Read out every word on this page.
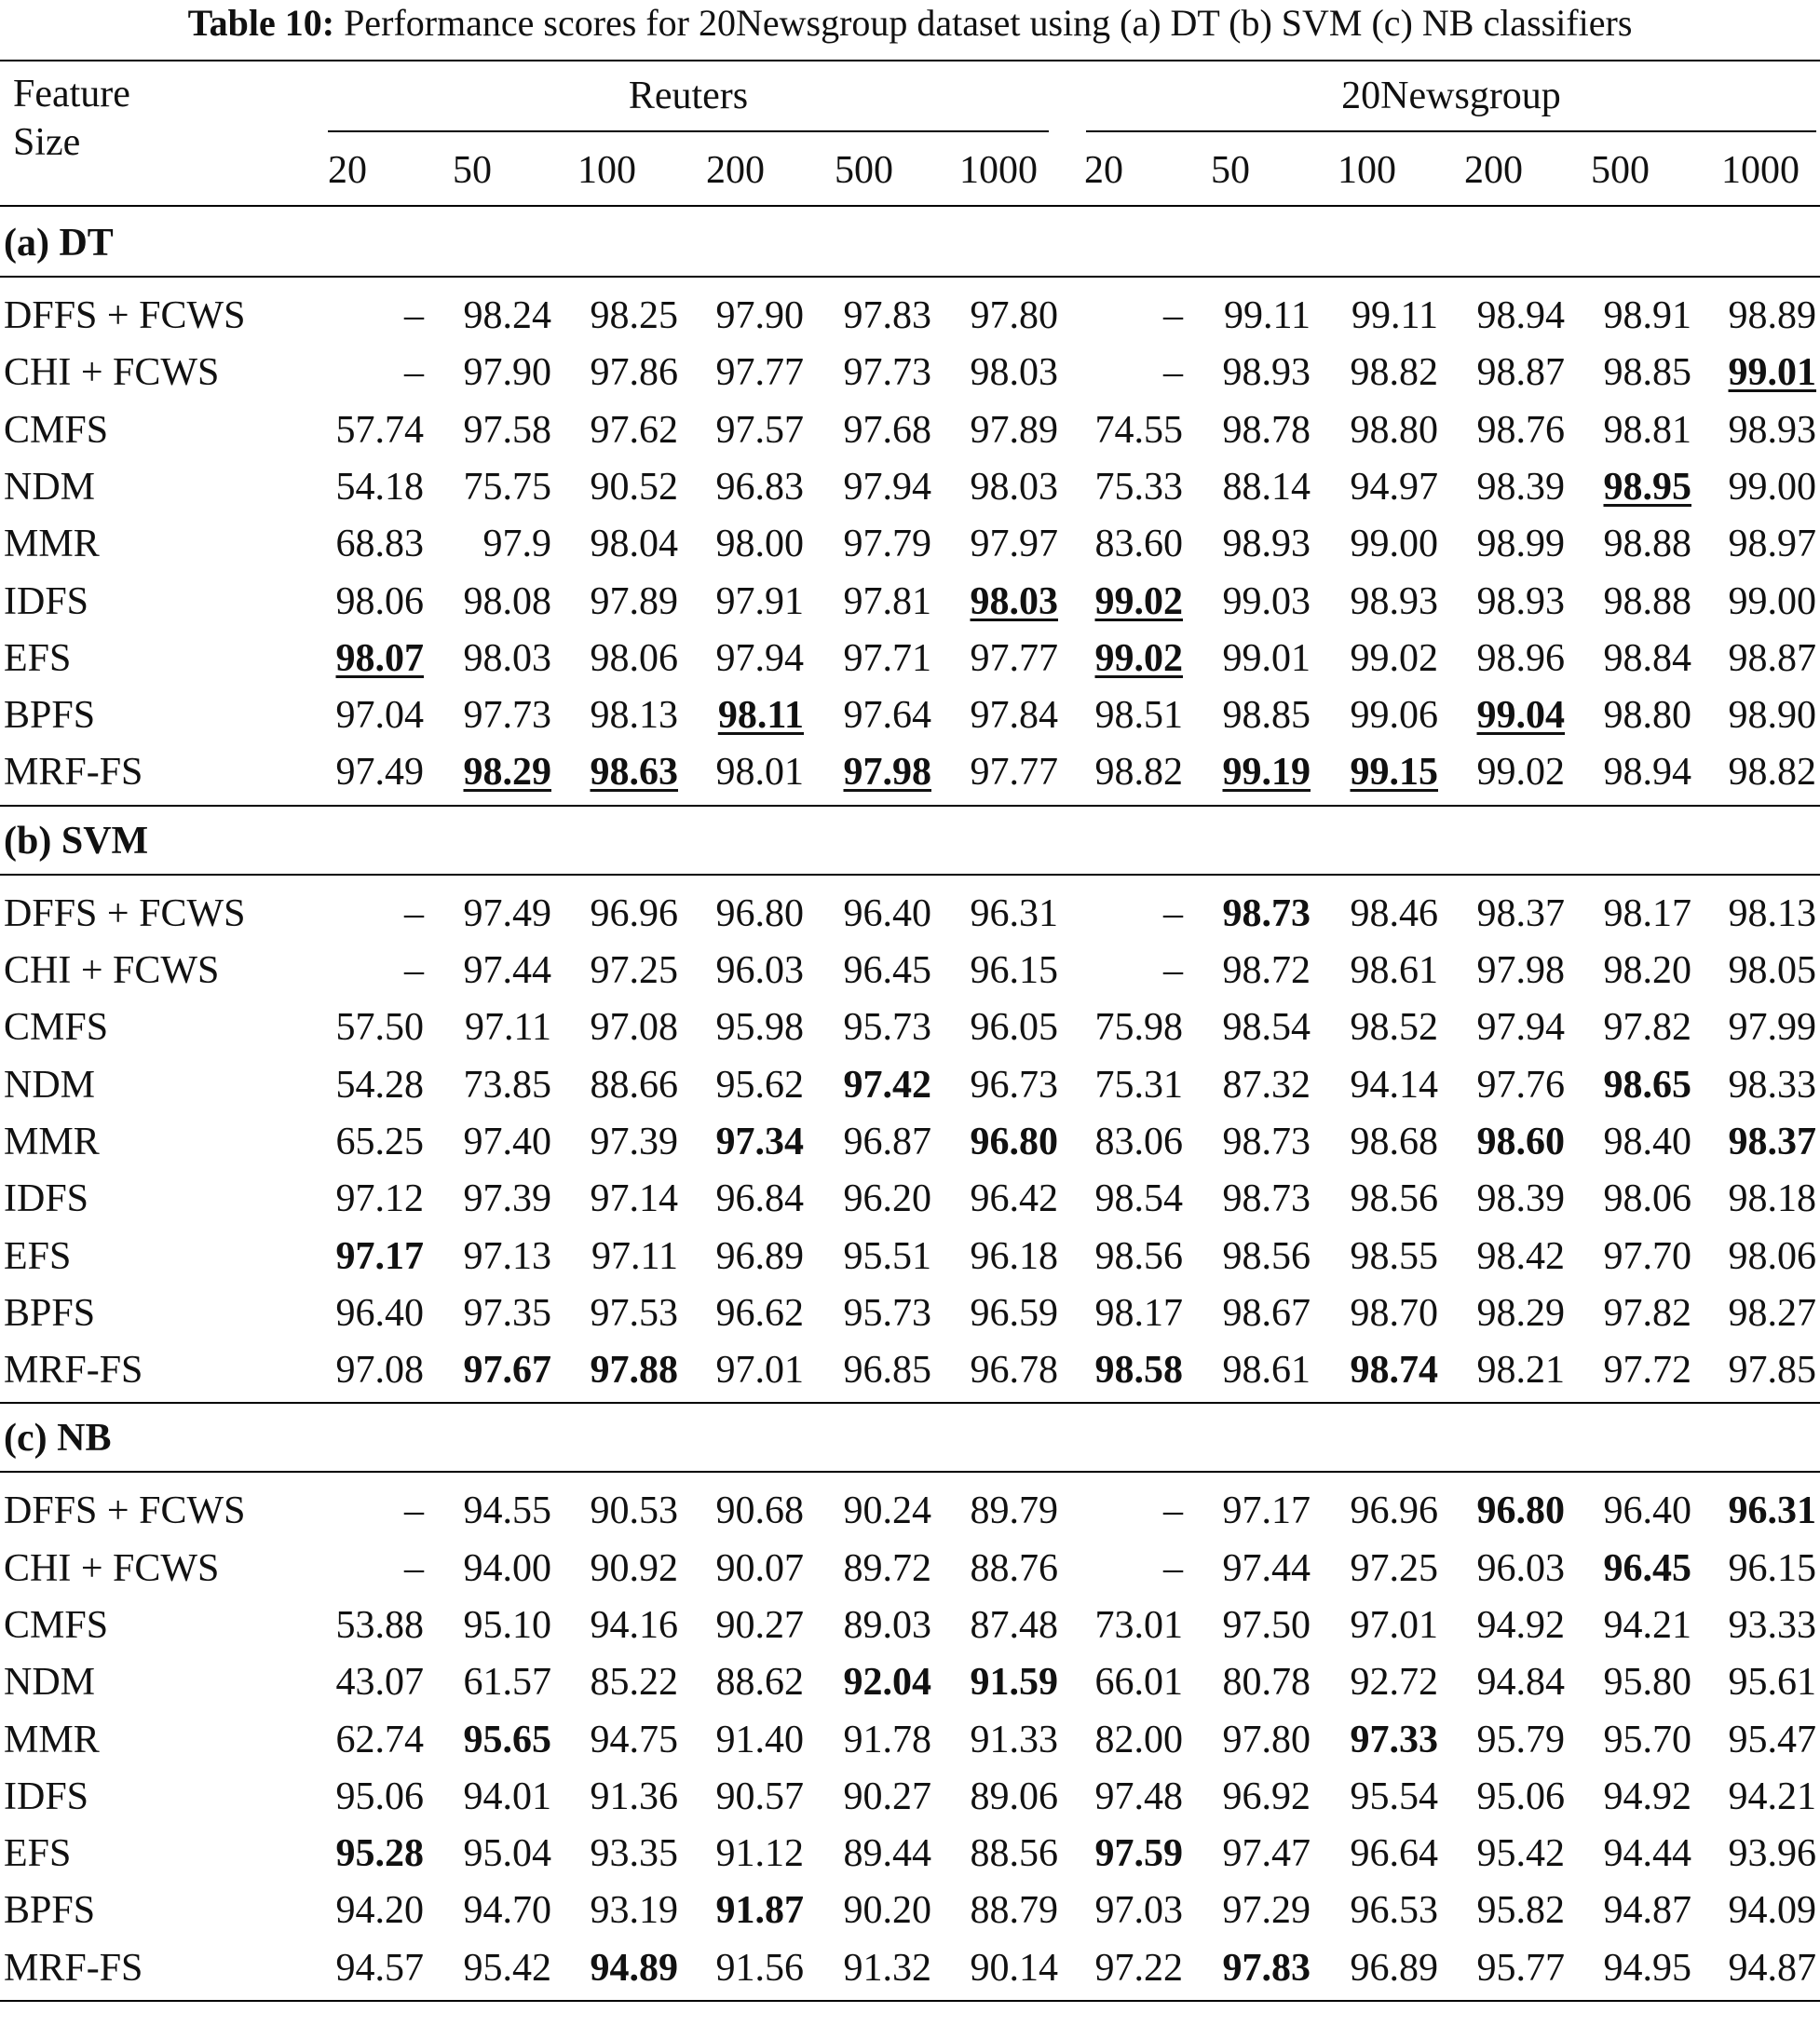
Table 10: Performance scores for 20Newsgroup dataset using (a) DT (b) SVM (c) NB classifiers
Feature
Size
Reuters	20Newsgroup
20 50 100 200 500 1000 20 50 100 200 500 1000
(a) DT
DFFS + FCWS	–	98.24 98.25 97.90	97.83 97.80	–	99.11	99.11 98.94 98.91 98.89
CHI + FCWS	–	97.90 97.86 97.77	97.73 98.03	–	98.93	98.82 98.87 98.85 99.01
CMFS	57.74	97.58 97.62 97.57	97.68 97.89 74.55	98.78	98.80 98.76 98.81 98.93
NDM	54.18	75.75 90.52 96.83	97.94 98.03 75.33	88.14	94.97 98.39 98.95 99.00
MMR	68.83	97.9 98.04 98.00	97.79 97.97 83.60	98.93	99.00 98.99 98.88 98.97
IDFS	98.06	98.08 97.89 97.91	97.81 98.03 99.02	99.03	98.93 98.93 98.88 99.00
EFS	98.07	98.03 98.06 97.94	97.71 97.77 99.02	99.01	99.02 98.96 98.84 98.87
BPFS	97.04	97.73 98.13	98.11	97.64 97.84 98.51	98.85	99.06 99.04 98.80 98.90
MRF-FS	97.49	98.29 98.63 98.01	97.98 97.77 98.82	99.19	99.15 99.02 98.94 98.82
(b) SVM
DFFS + FCWS	–	97.49 96.96 96.80	96.40 96.31	–	98.73	98.46 98.37 98.17 98.13
CHI + FCWS	–	97.44 97.25 96.03	96.45 96.15	–	98.72	98.61 97.98 98.20 98.05
CMFS	57.50	97.11 97.08 95.98	95.73 96.05 75.98	98.54	98.52 97.94 97.82 97.99
NDM	54.28	73.85 88.66 95.62	97.42 96.73 75.31	87.32	94.14 97.76 98.65 98.33
MMR	65.25	97.40 97.39 97.34	96.87 96.80 83.06	98.73	98.68 98.60 98.40 98.37
IDFS	97.12	97.39 97.14 96.84	96.20 96.42 98.54	98.73	98.56 98.39 98.06 98.18
EFS	97.17	97.13	97.11 96.89	95.51 96.18 98.56	98.56	98.55 98.42 97.70 98.06
BPFS	96.40	97.35 97.53 96.62	95.73 96.59 98.17	98.67	98.70 98.29 97.82 98.27
MRF-FS	97.08	97.67 97.88 97.01	96.85 96.78 98.58	98.61	98.74 98.21 97.72 97.85
(c) NB
DFFS + FCWS	–	94.55 90.53 90.68	90.24 89.79	–	97.17	96.96 96.80 96.40 96.31
CHI + FCWS	–	94.00 90.92 90.07	89.72 88.76	–	97.44	97.25 96.03 96.45 96.15
CMFS	53.88	95.10 94.16 90.27	89.03 87.48 73.01	97.50	97.01 94.92 94.21 93.33
NDM	43.07	61.57 85.22 88.62	92.04 91.59 66.01	80.78	92.72 94.84 95.80 95.61
MMR	62.74	95.65 94.75 91.40	91.78 91.33 82.00	97.80	97.33 95.79 95.70 95.47
IDFS	95.06	94.01 91.36 90.57	90.27 89.06 97.48	96.92	95.54 95.06 94.92 94.21
EFS	95.28	95.04 93.35 91.12	89.44 88.56 97.59	97.47	96.64 95.42 94.44 93.96
BPFS	94.20	94.70 93.19 91.87	90.20 88.79 97.03	97.29	96.53 95.82 94.87 94.09
MRF-FS	94.57	95.42 94.89 91.56	91.32 90.14 97.22	97.83	96.89 95.77 94.95 94.87
